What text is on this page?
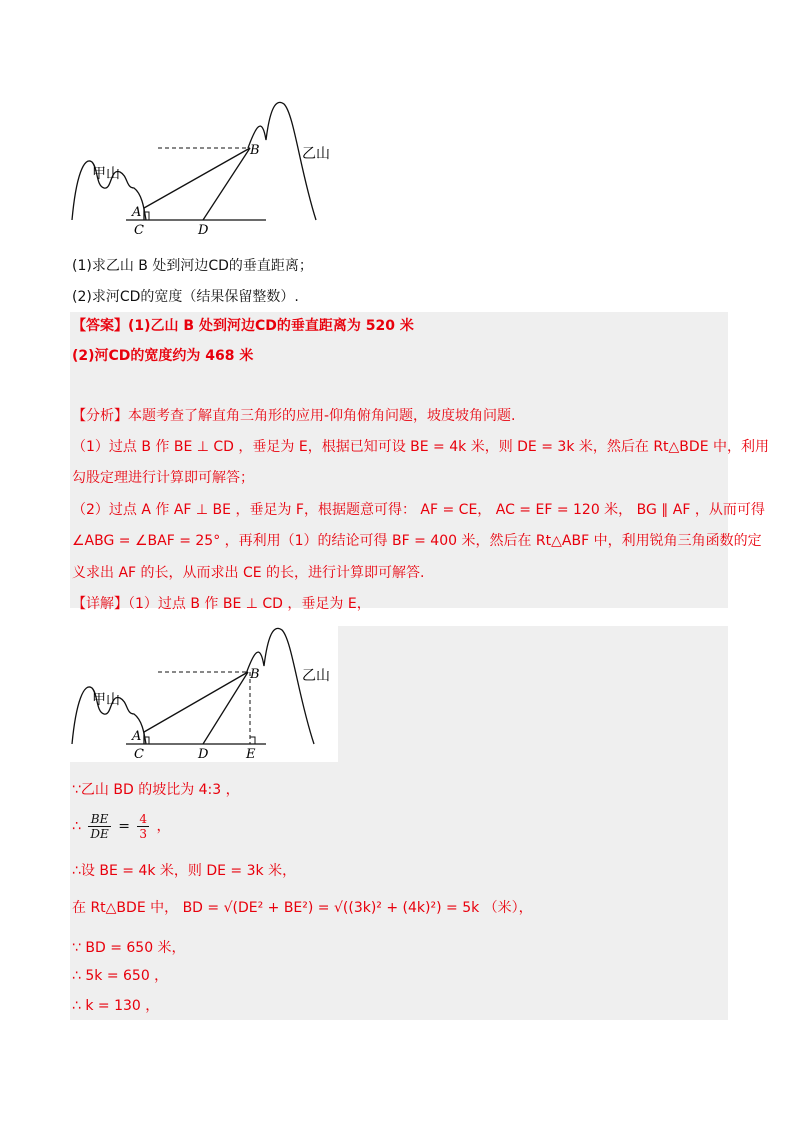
甲山
乙山
A
B
C	D
(1)求乙山 B 处到河边CD的垂直距离；
(2)求河CD的宽度（结果保留整数）.
【答案】(1)乙山 B 处到河边CD的垂直距离为 520 米
(2)河CD的宽度约为 468 米
【分析】本题考查了解直角三角形的应用-仰角俯角问题，坡度坡角问题.
（1）过点 B 作 BE ⊥ CD ，垂足为 E，根据已知可设 BE = 4k 米，则 DE = 3k 米，然后在 Rt△BDE 中，利用
勾股定理进行计算即可解答；
（2）过点 A 作 AF ⊥ BE ，垂足为 F，根据题意可得： AF = CE， AC = EF = 120 米， BG ∥ AF ，从而可得
∠ABG = ∠BAF = 25° ，再利用（1）的结论可得 BF = 400 米，然后在 Rt△ABF 中，利用锐角三角函数的定
义求出 AF 的长，从而求出 CE 的长，进行计算即可解答.
【详解】（1）过点 B 作 BE ⊥ CD ，垂足为 E，
甲山
乙山
A
B
C	D	E
∵乙山 BD 的坡比为 4:3 ，
∴ $\frac{BE}{DE} = \frac{4}{3}$ ，
∴设 BE = 4k 米，则 DE = 3k 米，
在 Rt△BDE 中， BD = √(DE² + BE²) = √((3k)² + (4k)²) = 5k （米），
∵ BD = 650 米，
∴ 5k = 650 ，
∴ k = 130 ，
